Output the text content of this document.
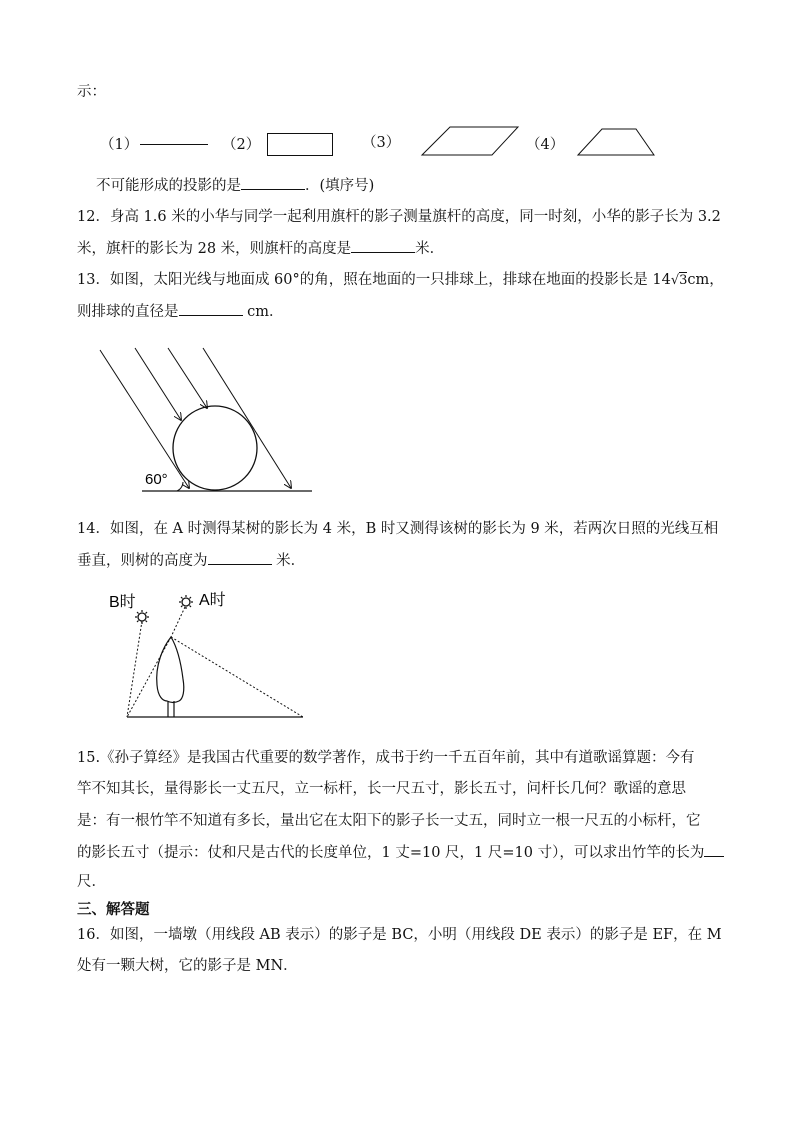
示：
（1）	（2）	（3）	（4）
不可能形成的投影的是	．(填序号)
12．身高 1.6 米的小华与同学一起利用旗杆的影子测量旗杆的高度，同一时刻，小华的影子长为 3.2
米，旗杆的影长为 28 米，则旗杆的高度是	米．
13．如图，太阳光线与地面成 60°的角，照在地面的一只排球上，排球在地面的投影长是 14√3cm，
则排球的直径是	cm．
60°
14．如图，在 A 时测得某树的影长为 4 米，B 时又测得该树的影长为 9 米，若两次日照的光线互相
垂直，则树的高度为	米．
B时	A时
15.《孙子算经》是我国古代重要的数学著作，成书于约一千五百年前，其中有道歌谣算题：今有
竿不知其长，量得影长一丈五尺，立一标杆，长一尺五寸，影长五寸，问杆长几何？歌谣的意思
是：有一根竹竿不知道有多长，量出它在太阳下的影子长一丈五，同时立一根一尺五的小标杆，它
的影长五寸（提示：仗和尺是古代的长度单位，1 丈=10 尺，1 尺=10 寸），可以求出竹竿的长为
尺．
三、解答题
16．如图，一墙墩（用线段 AB 表示）的影子是 BC，小明（用线段 DE 表示）的影子是 EF，在 M
处有一颗大树，它的影子是 MN．
